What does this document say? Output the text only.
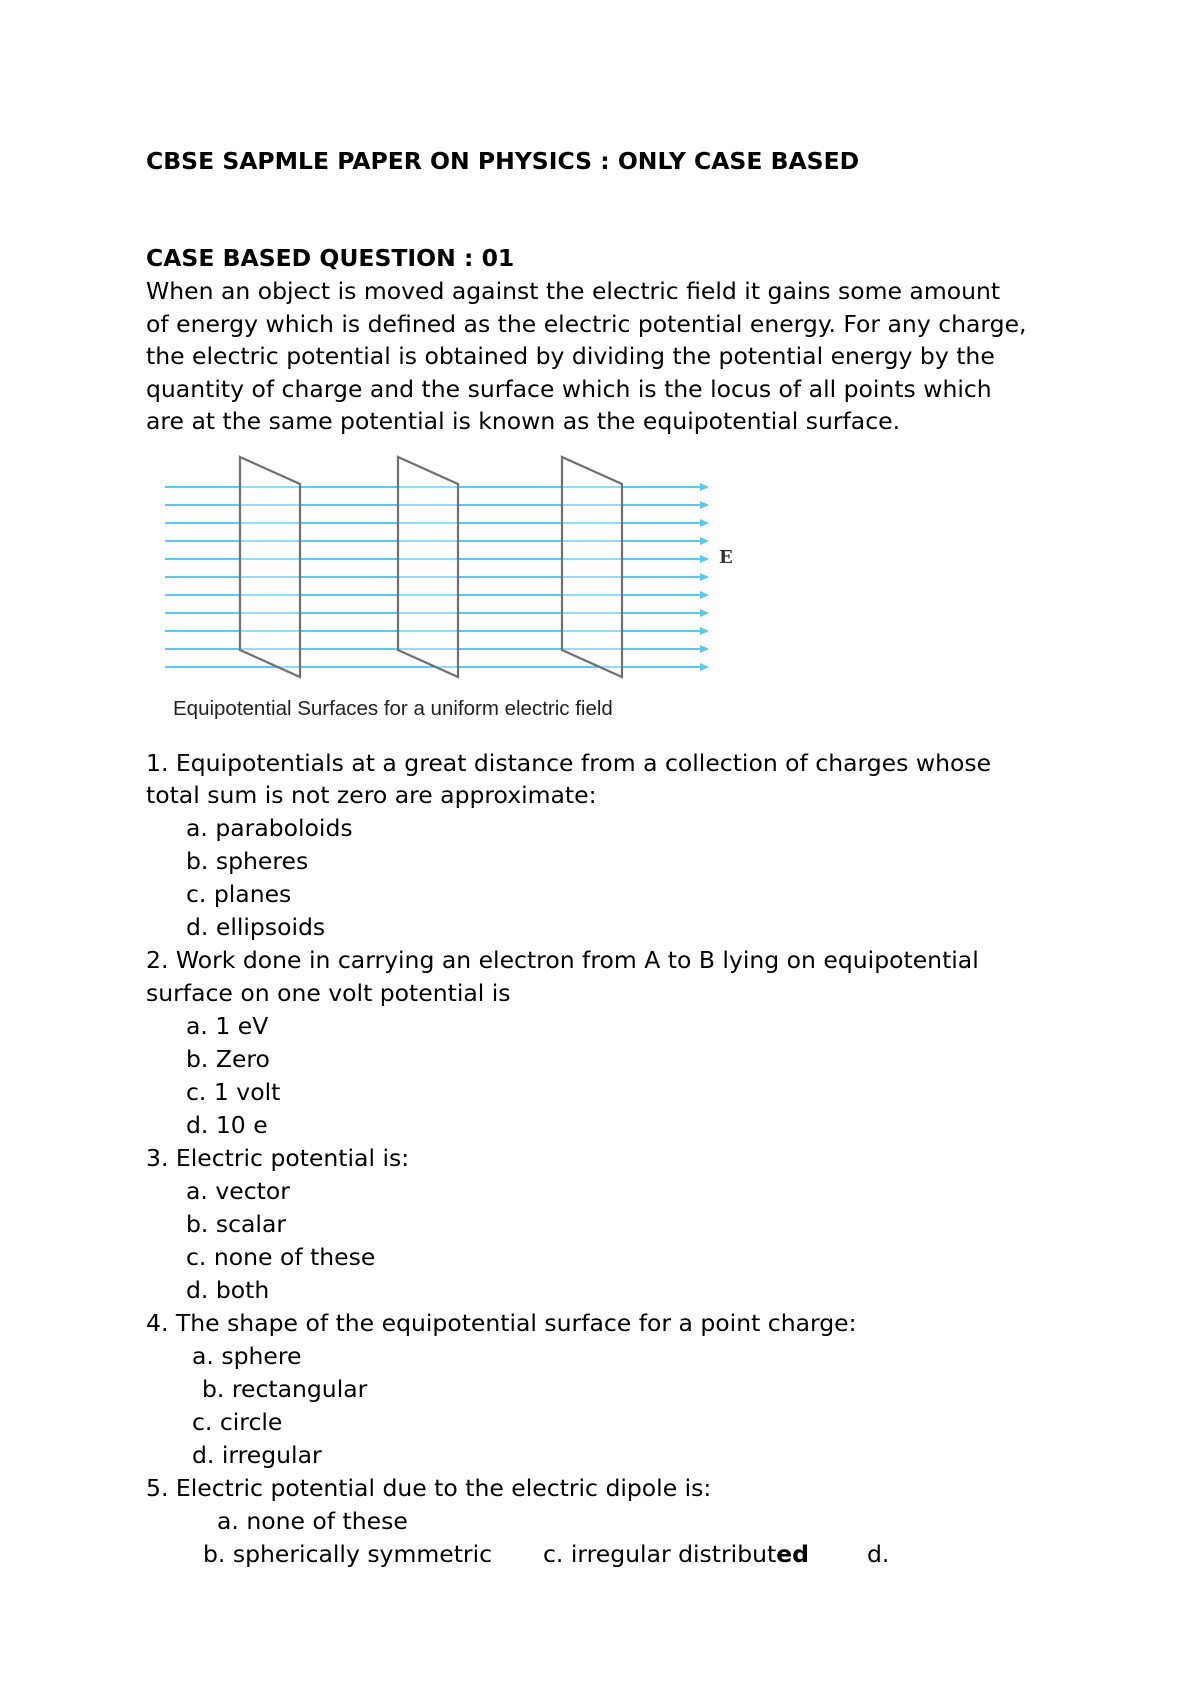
CBSE SAPMLE PAPER ON PHYSICS : ONLY CASE BASED
CASE BASED QUESTION : 01
When an object is moved against the electric field it gains some amount
of energy which is defined as the electric potential energy. For any charge,
the electric potential is obtained by dividing the potential energy by the
quantity of charge and the surface which is the locus of all points which
are at the same potential is known as the equipotential surface.
E
Equipotential Surfaces for a uniform electric field
1. Equipotentials at a great distance from a collection of charges whose
total sum is not zero are approximate:
a. paraboloids
b. spheres
c. planes
d. ellipsoids
2. Work done in carrying an electron from A to B lying on equipotential
surface on one volt potential is
a. 1 eV
b. Zero
c. 1 volt
d. 10 e
3. Electric potential is:
a. vector
b. scalar
c. none of these
d. both
4. The shape of the equipotential surface for a point charge:
a. sphere
b. rectangular
c. circle
d. irregular
5. Electric potential due to the electric dipole is:
a. none of these
b. spherically symmetric c. irregular distributed d.
